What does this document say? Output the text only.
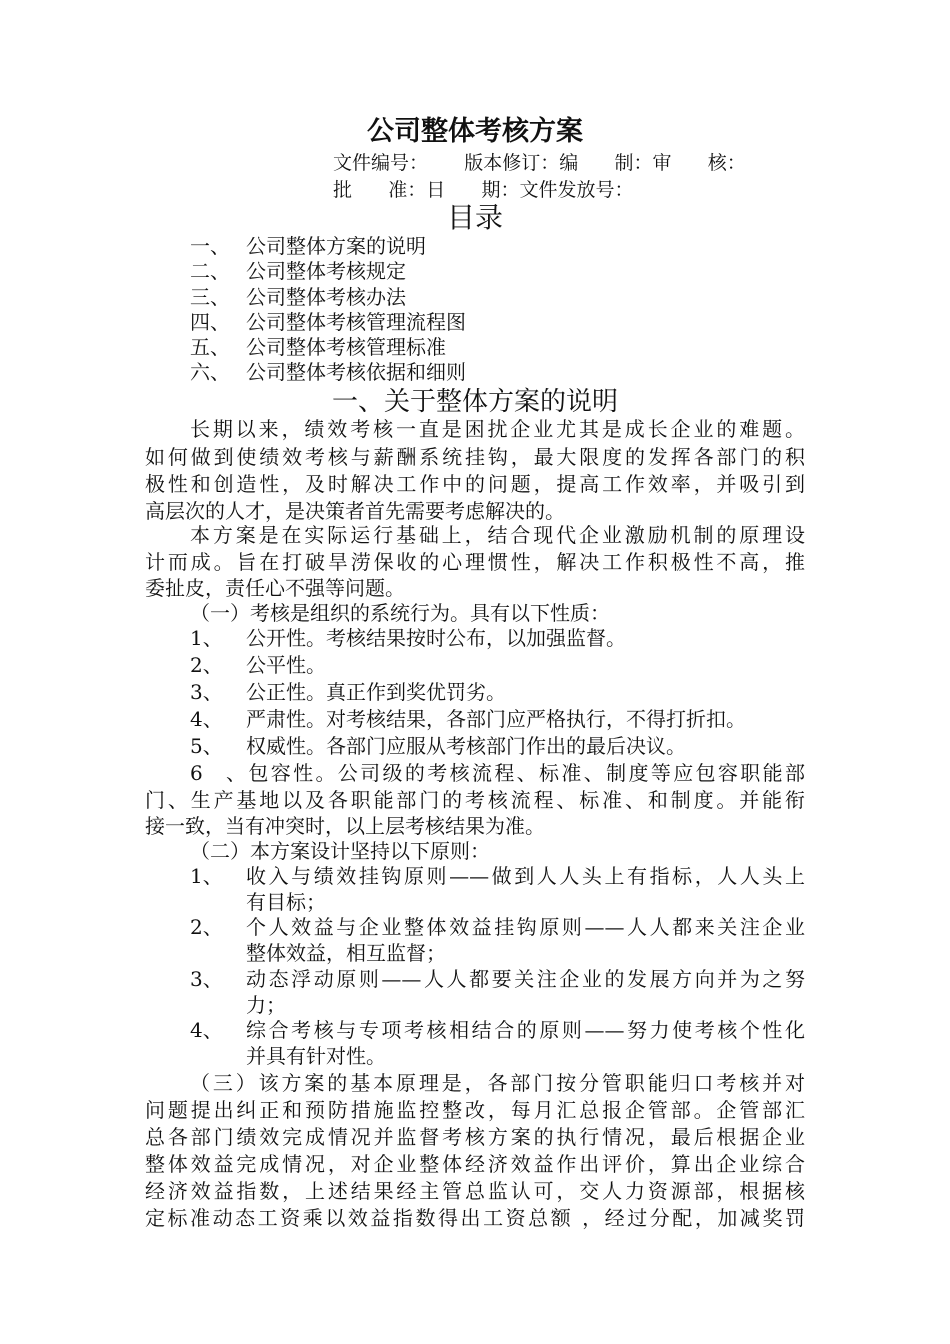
公司整体考核方案
文件编号：      版本修订：编      制：审      核：
批      准：日      期：文件发放号：
目录
一、 公司整体方案的说明
二、 公司整体考核规定
三、 公司整体考核办法
四、 公司整体考核管理流程图
五、 公司整体考核管理标准
六、 公司整体考核依据和细则
一、关于整体方案的说明
长期以来，绩效考核一直是困扰企业尤其是成长企业的难题。
如何做到使绩效考核与薪酬系统挂钩，最大限度的发挥各部门的积
极性和创造性，及时解决工作中的问题，提高工作效率，并吸引到
高层次的人才，是决策者首先需要考虑解决的。
本方案是在实际运行基础上，结合现代企业激励机制的原理设
计而成。旨在打破旱涝保收的心理惯性，解决工作积极性不高，推
委扯皮，责任心不强等问题。
（一）考核是组织的系统行为。具有以下性质：
1、 公开性。考核结果按时公布，以加强监督。
2、 公平性。
3、 公正性。真正作到奖优罚劣。
4、 严肃性。对考核结果，各部门应严格执行，不得打折扣。
5、 权威性。各部门应服从考核部门作出的最后决议。
6、包容性。公司级的考核流程、标准、制度等应包容职能部
门、生产基地以及各职能部门的考核流程、标准、和制度。并能衔
接一致，当有冲突时，以上层考核结果为准。
（二）本方案设计坚持以下原则：
1、 收入与绩效挂钩原则——做到人人头上有指标，人人头上
有目标；
2、 个人效益与企业整体效益挂钩原则——人人都来关注企业
整体效益，相互监督；
3、 动态浮动原则——人人都要关注企业的发展方向并为之努
力；
4、 综合考核与专项考核相结合的原则——努力使考核个性化
并具有针对性。
（三）该方案的基本原理是，各部门按分管职能归口考核并对
问题提出纠正和预防措施监控整改，每月汇总报企管部。企管部汇
总各部门绩效完成情况并监督考核方案的执行情况，最后根据企业
整体效益完成情况，对企业整体经济效益作出评价，算出企业综合
经济效益指数，上述结果经主管总监认可，交人力资源部，根据核
定标准动态工资乘以效益指数得出工资总额 ，经过分配，加减奖罚
